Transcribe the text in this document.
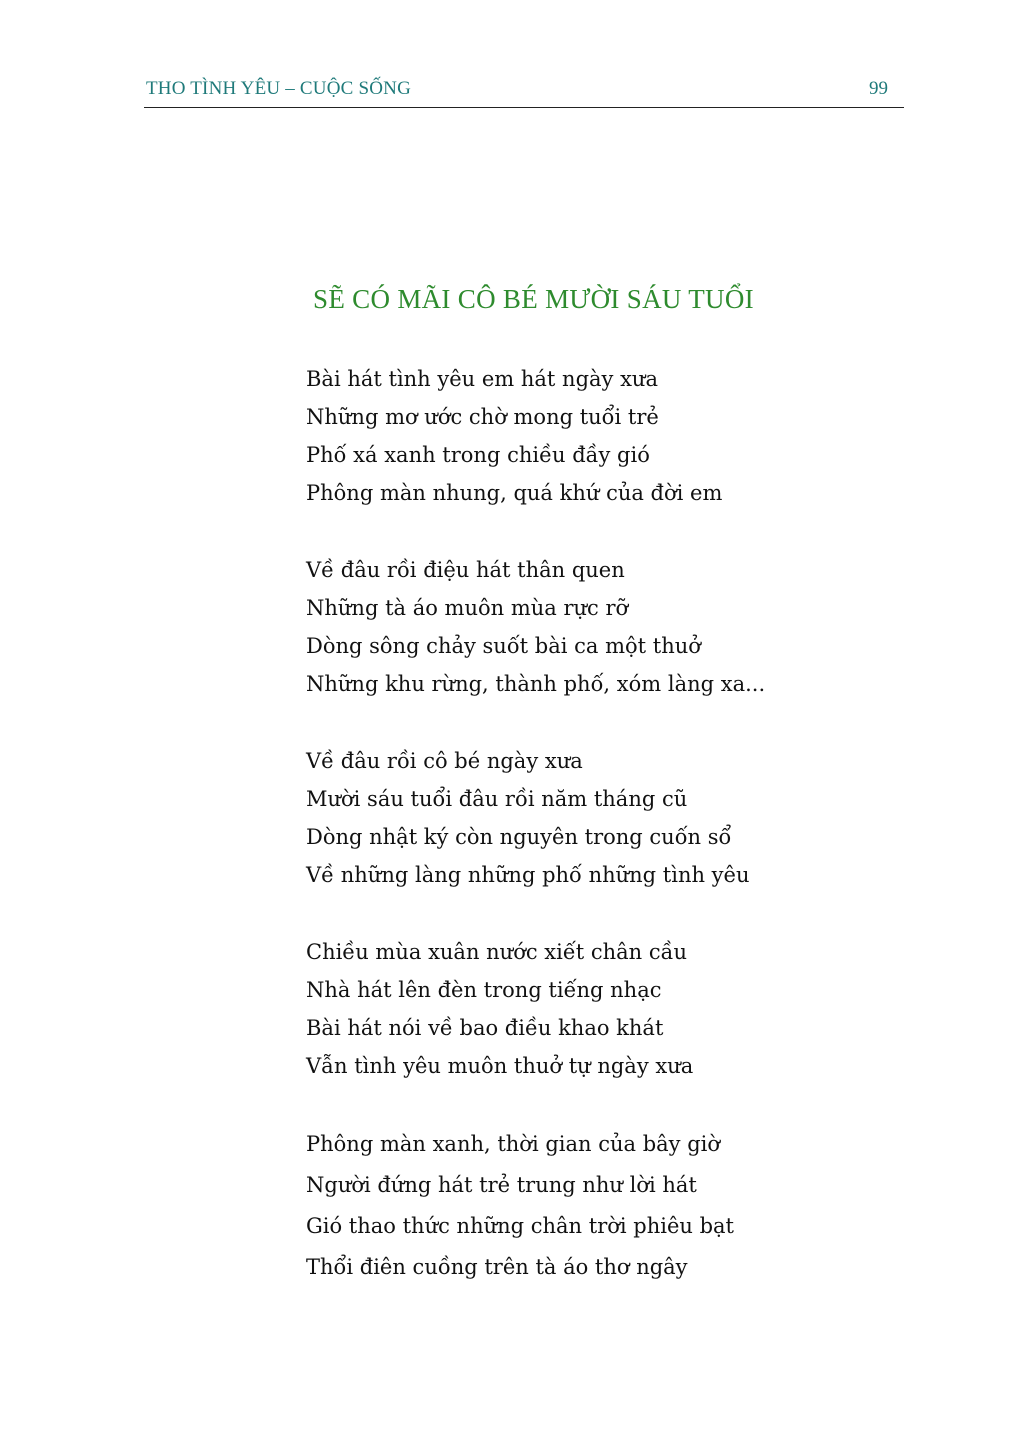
THO TÌNH YÊU – CUỘC SỐNG	99
SẼ CÓ MÃI CÔ BÉ MƯỜI SÁU TUỔI
Bài hát tình yêu em hát ngày xưa
Những mơ ước chờ mong tuổi trẻ
Phố xá xanh trong chiều đầy gió
Phông màn nhung, quá khứ của đời em
Về đâu rồi điệu hát thân quen
Những tà áo muôn mùa rực rỡ
Dòng sông chảy suốt bài ca một thuở
Những khu rừng, thành phố, xóm làng xa...
Về đâu rồi cô bé ngày xưa
Mười sáu tuổi đâu rồi năm tháng cũ
Dòng nhật ký còn nguyên trong cuốn sổ
Về những làng những phố những tình yêu
Chiều mùa xuân nước xiết chân cầu
Nhà hát lên đèn trong tiếng nhạc
Bài hát nói về bao điều khao khát
Vẫn tình yêu muôn thuở tự ngày xưa
Phông màn xanh, thời gian của bây giờ
Người đứng hát trẻ trung như lời hát
Gió thao thức những chân trời phiêu bạt
Thổi điên cuồng trên tà áo thơ ngây
